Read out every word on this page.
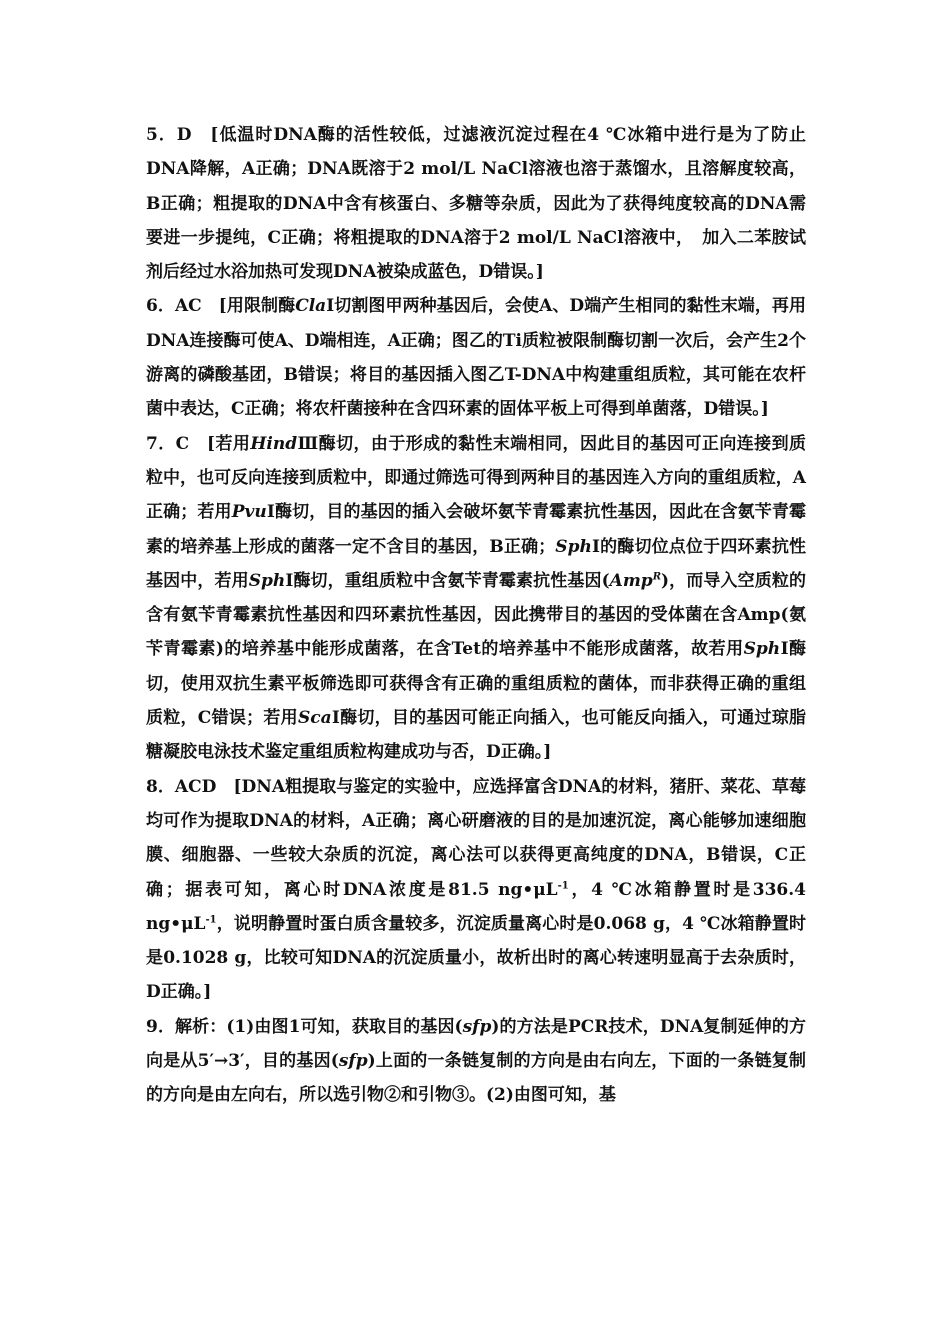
5．D　[低温时DNA酶的活性较低，过滤液沉淀过程在4 ℃冰箱中进行是为了防止DNA降解，A正确；DNA既溶于2 mol/L NaCl溶液也溶于蒸馏水，且溶解度较高，B正确；粗提取的DNA中含有核蛋白、多糖等杂质，因此为了获得纯度较高的DNA需要进一步提纯，C正确；将粗提取的DNA溶于2 mol/L NaCl溶液中，　加入二苯胺试剂后经过水浴加热可发现DNA被染成蓝色，D错误。]

6．AC　[用限制酶ClaⅠ切割图甲两种基因后，会使A、D端产生相同的黏性末端，再用DNA连接酶可使A、D端相连，A正确；图乙的Ti质粒被限制酶切割一次后，会产生2个游离的磷酸基团，B错误；将目的基因插入图乙T-DNA中构建重组质粒，其可能在农杆菌中表达，C正确；将农杆菌接种在含四环素的固体平板上可得到单菌落，D错误。]

7．C　[若用HindⅢ酶切，由于形成的黏性末端相同，因此目的基因可正向连接到质粒中，也可反向连接到质粒中，即通过筛选可得到两种目的基因连入方向的重组质粒，A正确；若用PvuⅠ酶切，目的基因的插入会破坏氨苄青霉素抗性基因，因此在含氨苄青霉素的培养基上形成的菌落一定不含目的基因，B正确；SphⅠ的酶切位点位于四环素抗性基因中，若用SphⅠ酶切，重组质粒中含氨苄青霉素抗性基因(Amp$^R$)，而导入空质粒的含有氨苄青霉素抗性基因和四环素抗性基因，因此携带目的基因的受体菌在含Amp(氨苄青霉素)的培养基中能形成菌落，在含Tet的培养基中不能形成菌落，故若用SphⅠ酶切，使用双抗生素平板筛选即可获得含有正确的重组质粒的菌体，而非获得正确的重组质粒，C错误；若用ScaⅠ酶切，目的基因可能正向插入，也可能反向插入，可通过琼脂糖凝胶电泳技术鉴定重组质粒构建成功与否，D正确。]

8．ACD　[DNA粗提取与鉴定的实验中，应选择富含DNA的材料，猪肝、菜花、草莓均可作为提取DNA的材料，A正确；离心研磨液的目的是加速沉淀，离心能够加速细胞膜、细胞器、一些较大杂质的沉淀，离心法可以获得更高纯度的DNA，B错误，C正确；据表可知，离心时DNA浓度是81.5 $ng•\mu L^{-1}$，4 ℃冰箱静置时是336.4 $ng•\mu L^{-1}$，说明静置时蛋白质含量较多，沉淀质量离心时是0.068 g，4 ℃冰箱静置时是0.1028 g，比较可知DNA的沉淀质量小，故析出时的离心转速明显高于去杂质时，D正确。]

9．解析：(1)由图1可知，获取目的基因(sfp)的方法是PCR技术，DNA复制延伸的方向是从5′→3′，目的基因(sfp)上面的一条链复制的方向是由右向左，下面的一条链复制的方向是由左向右，所以选引物②和引物③。(2)由图可知，基
